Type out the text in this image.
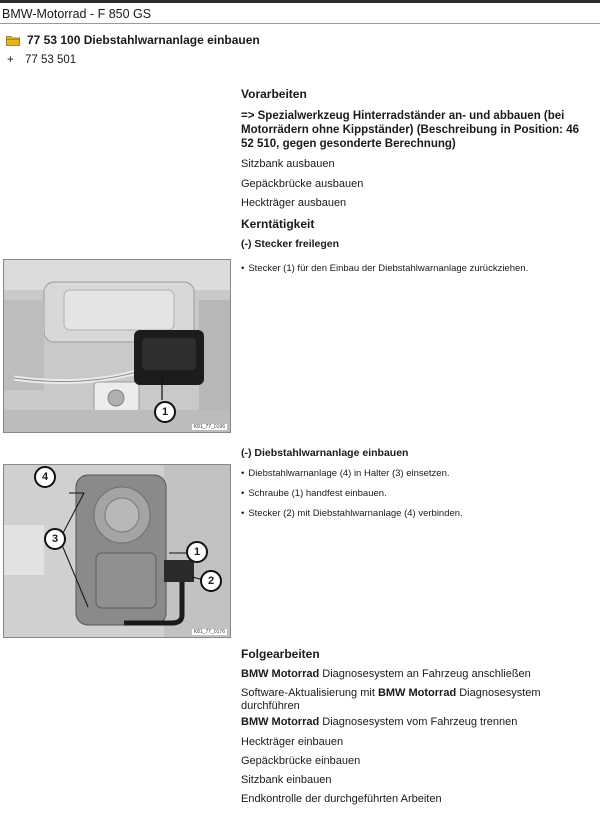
BMW-Motorrad - F 850 GS
77 53 100 Diebstahlwarnanlage einbauen
+ 77 53 501
Vorarbeiten
=> Spezialwerkzeug Hinterradständer an- und abbauen (bei Motorrädern ohne Kippständer) (Beschreibung in Position: 46 52 510, gegen gesonderte Berechnung)
Sitzbank ausbauen
Gepäckbrücke ausbauen
Heckträger ausbauen
Kerntätigkeit
(-) Stecker freilegen
• Stecker (1) für den Einbau der Diebstahlwarnanlage zurückziehen.
1
K81_77_0196
(-) Diebstahlwarnanlage einbauen
• Diebstahlwarnanlage (4) in Halter (3) einsetzen.
• Schraube (1) handfest einbauen.
• Stecker (2) mit Diebstahlwarnanlage (4) verbinden.
4
3
1
2
K81_77_0176
Folgearbeiten
BMW Motorrad Diagnosesystem an Fahrzeug anschließen
Software-Aktualisierung mit BMW Motorrad Diagnosesystem durchführen
BMW Motorrad Diagnosesystem vom Fahrzeug trennen
Heckträger einbauen
Gepäckbrücke einbauen
Sitzbank einbauen
Endkontrolle der durchgeführten Arbeiten
